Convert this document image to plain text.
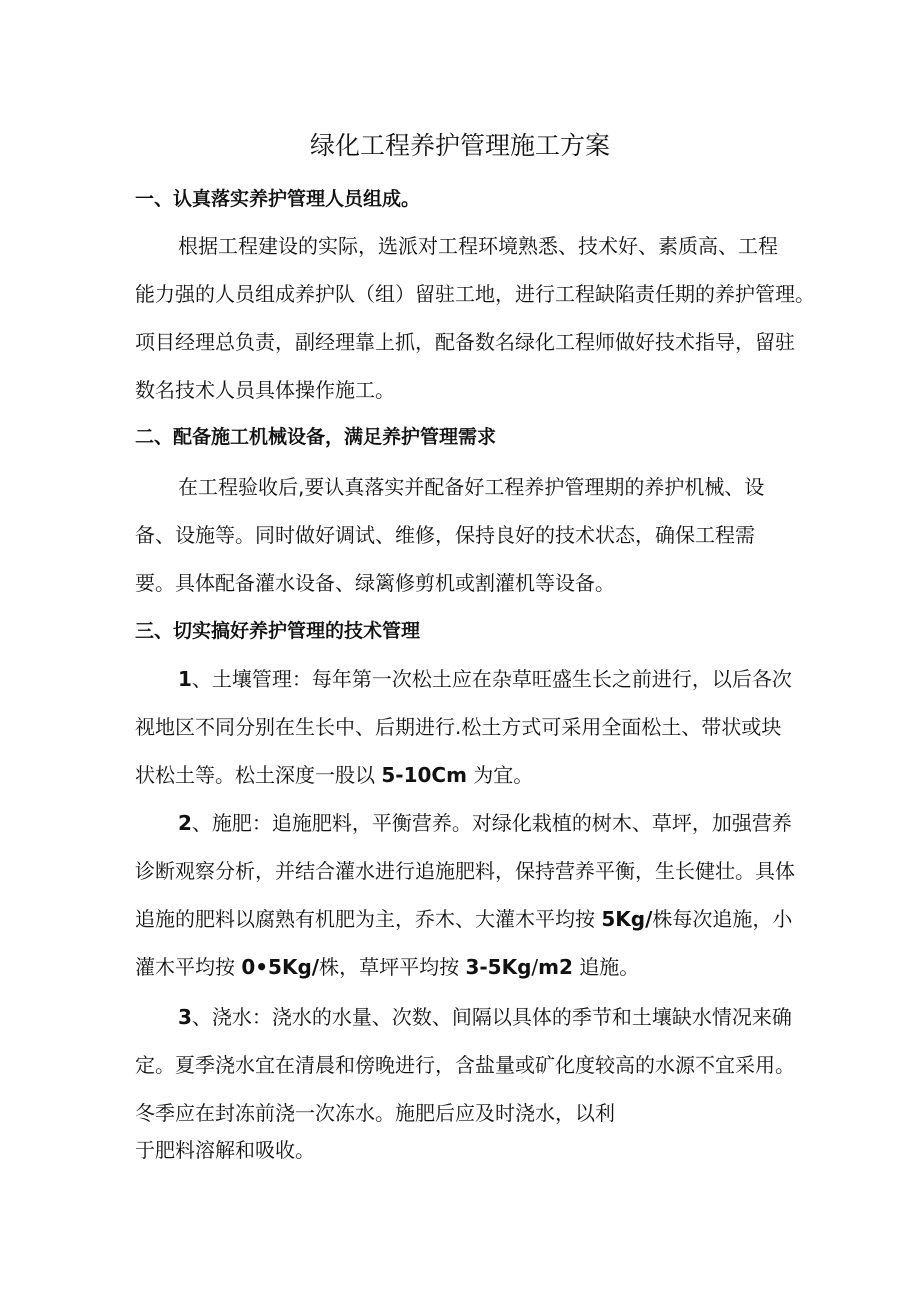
绿化工程养护管理施工方案
一、认真落实养护管理人员组成。

根据工程建设的实际，选派对工程环境熟悉、技术好、素质高、工程

能力强的人员组成养护队（组）留驻工地，进行工程缺陷责任期的养护管理。

项目经理总负责，副经理靠上抓，配备数名绿化工程师做好技术指导，留驻

数名技术人员具体操作施工。

二、配备施工机械设备，满足养护管理需求

在工程验收后,要认真落实并配备好工程养护管理期的养护机械、设

备、设施等。同时做好调试、维修，保持良好的技术状态，确保工程需

要。具体配备灌水设备、绿篱修剪机或割灌机等设备。

三、切实搞好养护管理的技术管理

1、土壤管理：每年第一次松土应在杂草旺盛生长之前进行，以后各次

视地区不同分别在生长中、后期进行.松土方式可采用全面松土、带状或块

状松土等。松土深度一股以 5-10Cm 为宜。

2、施肥：追施肥料，平衡营养。对绿化栽植的树木、草坪，加强营养

诊断观察分析，并结合灌水进行追施肥料，保持营养平衡，生长健壮。具体

追施的肥料以腐熟有机肥为主，乔木、大灌木平均按 5Kg/株每次追施，小

灌木平均按 0•5Kg/株，草坪平均按 3-5Kg/m2 追施。

3、浇水：浇水的水量、次数、间隔以具体的季节和土壤缺水情况来确

定。夏季浇水宜在清晨和傍晚进行，含盐量或矿化度较高的水源不宜采用。

冬季应在封冻前浇一次冻水。施肥后应及时浇水，以利

于肥料溶解和吸收。
